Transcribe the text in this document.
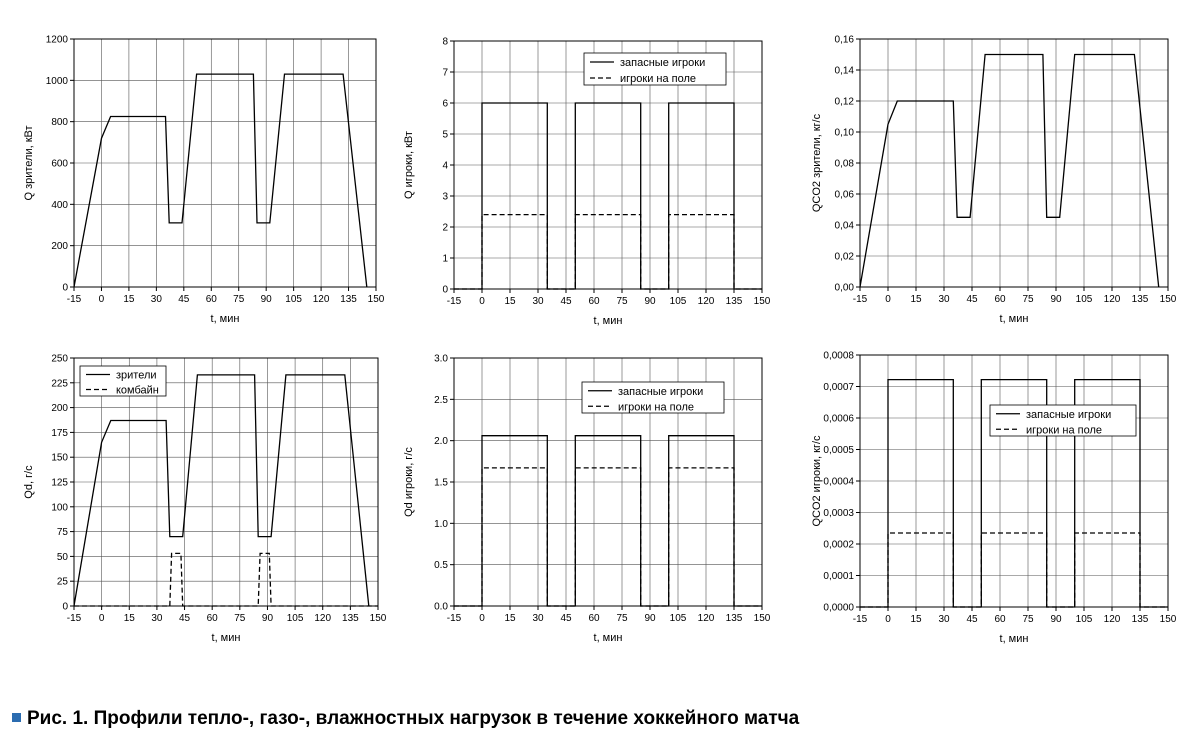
-15 0 15 30 45 60 75 90 105 120 135 150
0
200
400
600
800
1000
1200
t, мин
Q зрители, кВт
-15 0 15 30 45 60 75 90 105 120 135 150
0
1
2
3
4
5
6
7
8
t, мин
Q игроки, кВт
запасные игроки
игроки на поле
-15 0 15 30 45 60 75 90 105 120 135 150
0,00
0,02
0,04
0,06
0,08
0,10
0,12
0,14
0,16
t, мин
QCO2 зрители, кг/с
-15 0 15 30 45 60 75 90 105 120 135 150
0
25
50
75
100
125
150
175
200
225
250
t, мин
Qd, г/с
зрители
комбайн
-15 0 15 30 45 60 75 90 105 120 135 150
0.0
0.5
1.0
1.5
2.0
2.5
3.0
t, мин
Qd игроки, г/с
запасные игроки
игроки на поле
-15 0 15 30 45 60 75 90 105 120 135 150
0,0000
0,0001
0,0002
0,0003
0,0004
0,0005
0,0006
0,0007
0,0008
t, мин
QCO2 игроки, кг/с
запасные игроки
игроки на поле
Рис. 1. Профили тепло-, газо-, влажностных нагрузок в течение хоккейного матча
